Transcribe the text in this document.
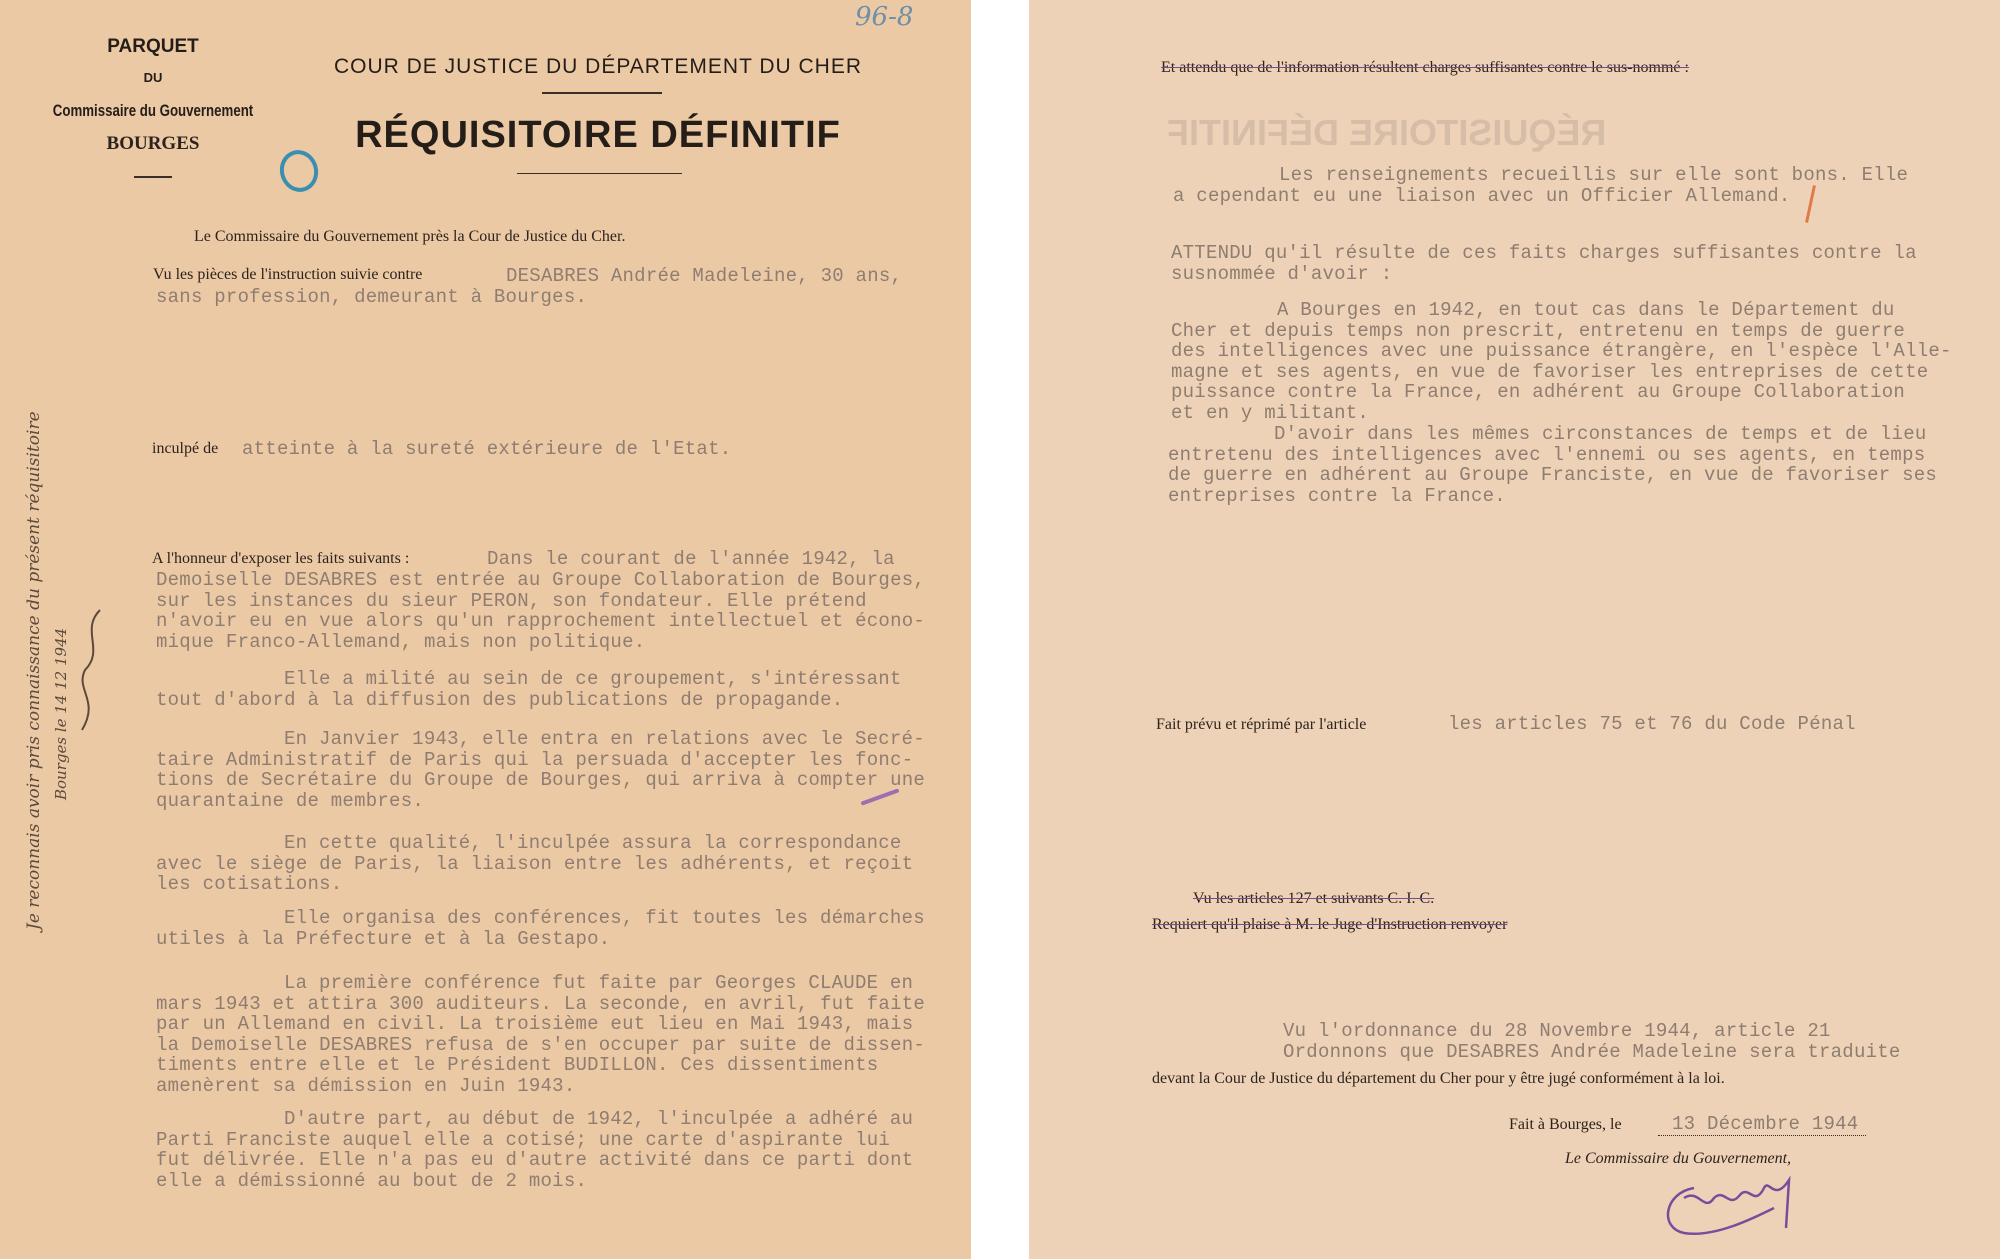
PARQUET
DU
Commissaire du Gouvernement
BOURGES
COUR DE JUSTICE DU DÉPARTEMENT DU CHER
RÉQUISITOIRE DÉFINITIF
96-8
Le Commissaire du Gouvernement près la Cour de Justice du Cher.
Vu les pièces de l'instruction suivie contre	DESABRES Andrée Madeleine, 30 ans,
sans profession, demeurant à Bourges.
inculpé de atteinte à la sureté extérieure de l'Etat.
A l'honneur d'exposer les faits suivants :	Dans le courant de l'année 1942, la
Demoiselle DESABRES est entrée au Groupe Collaboration de Bourges,
sur les instances du sieur PERON, son fondateur. Elle prétend
n'avoir eu en vue alors qu'un rapprochement intellectuel et écono-
mique Franco-Allemand, mais non politique.
Elle a milité au sein de ce groupement, s'intéressant
tout d'abord à la diffusion des publications de propagande.
En Janvier 1943, elle entra en relations avec le Secré-
taire Administratif de Paris qui la persuada d'accepter les fonc-
tions de Secrétaire du Groupe de Bourges, qui arriva à compter une
quarantaine de membres.
En cette qualité, l'inculpée assura la correspondance
avec le siège de Paris, la liaison entre les adhérents, et reçoit
les cotisations.
Elle organisa des conférences, fit toutes les démarches
utiles à la Préfecture et à la Gestapo.
La première conférence fut faite par Georges CLAUDE en
mars 1943 et attira 300 auditeurs. La seconde, en avril, fut faite
par un Allemand en civil. La troisième eut lieu en Mai 1943, mais
la Demoiselle DESABRES refusa de s'en occuper par suite de dissen-
timents entre elle et le Président BUDILLON. Ces dissentiments
amenèrent sa démission en Juin 1943.
D'autre part, au début de 1942, l'inculpée a adhéré au
Parti Franciste auquel elle a cotisé; une carte d'aspirante lui
fut délivrée. Elle n'a pas eu d'autre activité dans ce parti dont
elle a démissionné au bout de 2 mois.
Je reconnais avoir pris connaissance du présent réquisitoire Bourges le 14 12 1944
Et attendu que de l'information résultent charges suffisantes contre le sus-nommé :
RÉQUISITOIRE DÉFINITIF
Les renseignements recueillis sur elle sont bons. Elle
a cependant eu une liaison avec un Officier Allemand.
ATTENDU qu'il résulte de ces faits charges suffisantes contre la
susnommée d'avoir :
A Bourges en 1942, en tout cas dans le Département du
Cher et depuis temps non prescrit, entretenu en temps de guerre
des intelligences avec une puissance étrangère, en l'espèce l'Alle-
magne et ses agents, en vue de favoriser les entreprises de cette
puissance contre la France, en adhérent au Groupe Collaboration
et en y militant.
D'avoir dans les mêmes circonstances de temps et de lieu
entretenu des intelligences avec l'ennemi ou ses agents, en temps
de guerre en adhérent au Groupe Franciste, en vue de favoriser ses
entreprises contre la France.
Fait prévu et réprimé par l'article	les articles 75 et 76 du Code Pénal
Vu les articles 127 et suivants C. I. C.
Requiert qu'il plaise à M. le Juge d'Instruction renvoyer
Vu l'ordonnance du 28 Novembre 1944, article 21
Ordonnons que DESABRES Andrée Madeleine sera traduite
devant la Cour de Justice du département du Cher pour y être jugé conformément à la loi.
Fait à Bourges, le	13 Décembre 1944
Le Commissaire du Gouvernement,
